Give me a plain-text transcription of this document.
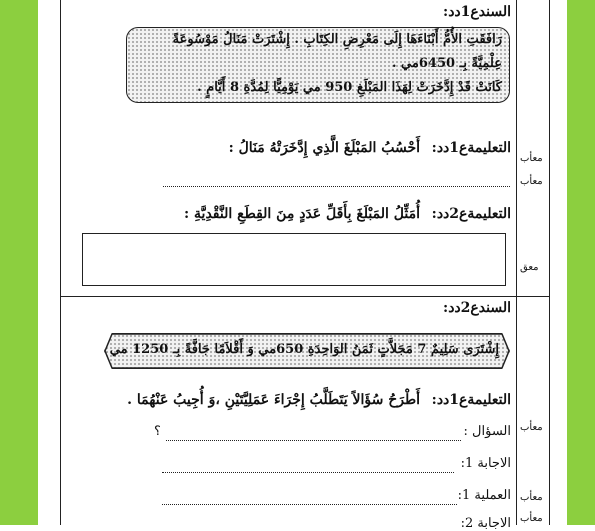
السندع1دد:
رَافَقَتِ الأُمُّ أَبْنَاءَهَا إِلَى مَعْرِضِ الكِتَابِ . إِشْتَرَتْ مَنَالُ مَوْسُوعَةً
عِلْمِيَّةً بِـ 6450مي .
كَانَتْ قَدْ إِدَّخَرَتْ لِهَذَا المَبْلَغِ 950 مي يَوْمِيًّا لِمُدَّةِ 8 أَيَّامٍ .
التعليمةع1دد:
أَحْسُبُ المَبْلَغَ الَّذِي إِدَّخَرَتْهُ مَنَالُ :
معأب
معأب
التعليمةع2دد:
أُمَثِّلُ المَبْلَغَ بِأَقَلِّ عَدَدٍ مِنَ القِطَعِ النَّقْدِيَّةِ :
معق
السندع2دد:
إِشْتَرَى سَلِيمٌ 7 مَجَلاَّتٍ ثَمَنُ الوَاحِدَةِ 650مي وَ أَقْلاَمًا جَافَّةً بِـ 1250 مي
التعليمةع1دد:
أَطْرَحُ سُؤَالاً يَتَطَلَّبُ إِجْرَاءَ عَمَلِيَّتَيْنِ ،وَ أُجِيبُ عَنْهُمَا .
معأب
السؤال :
؟
الاجابة 1:
العملية 1: معأب
الاجابة 2: معأب
